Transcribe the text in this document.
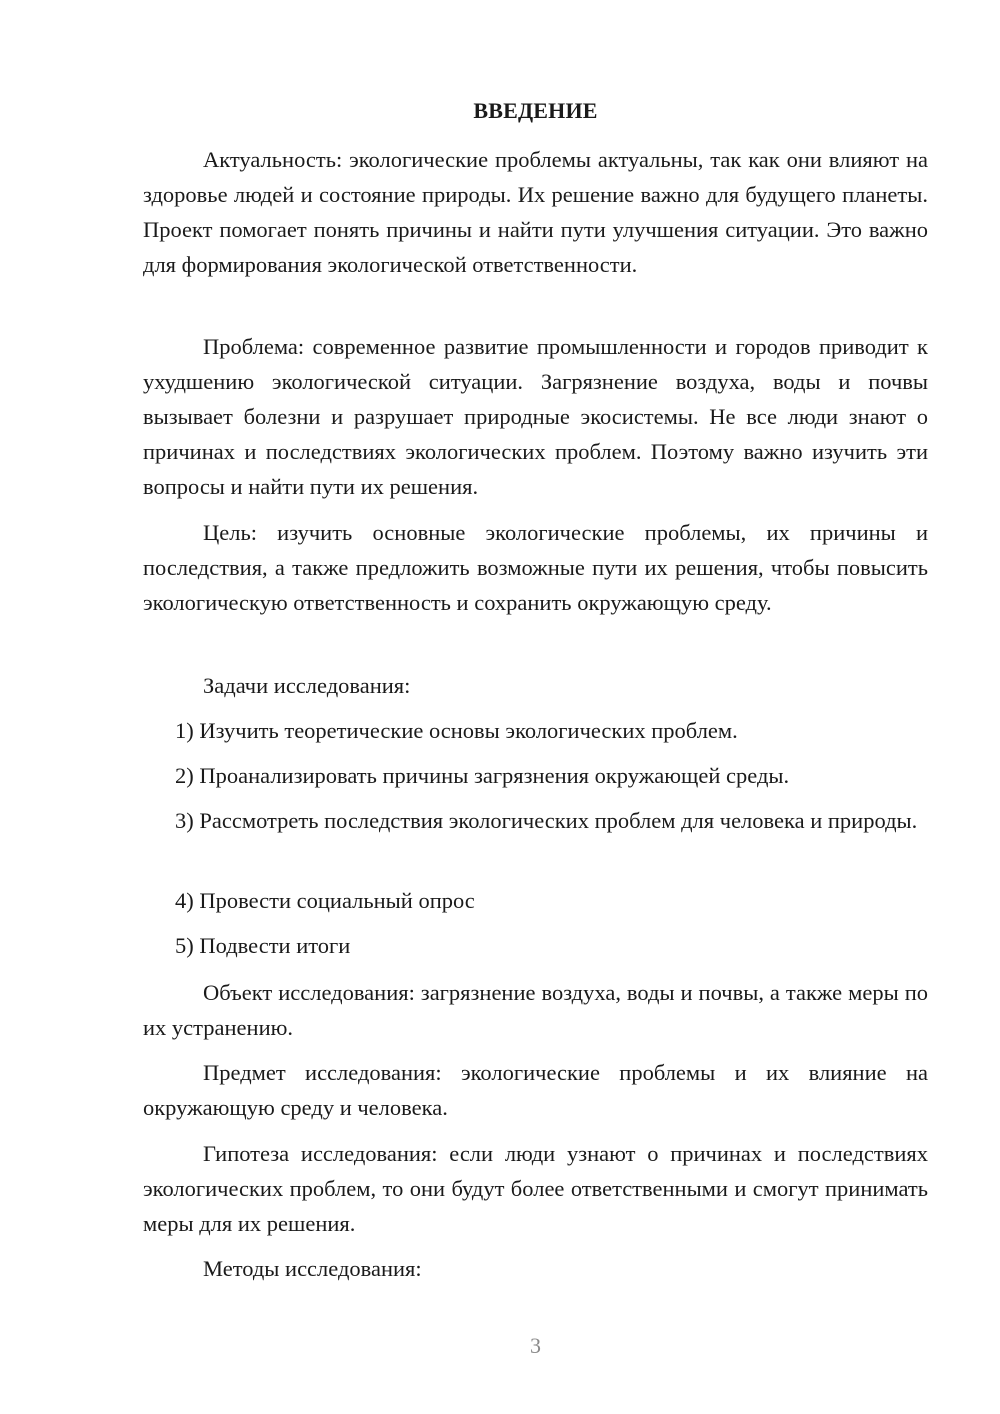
ВВЕДЕНИЕ

Актуальность: экологические проблемы актуальны, так как они влияют на здоровье людей и состояние природы. Их решение важно для будущего планеты. Проект помогает понять причины и найти пути улучшения ситуации. Это важно для формирования экологической ответственности.

Проблема: современное развитие промышленности и городов приводит к ухудшению экологической ситуации. Загрязнение воздуха, воды и почвы вызывает болезни и разрушает природные экосистемы. Не все люди знают о причинах и последствиях экологических проблем. Поэтому важно изучить эти вопросы и найти пути их решения.

Цель: изучить основные экологические проблемы, их причины и последствия, а также предложить возможные пути их решения, чтобы повысить экологическую ответственность и сохранить окружающую среду.

Задачи исследования:

1) Изучить теоретические основы экологических проблем.

2) Проанализировать причины загрязнения окружающей среды.

3) Рассмотреть последствия экологических проблем для человека и природы.

4) Провести социальный опрос

5) Подвести итоги

Объект исследования: загрязнение воздуха, воды и почвы, а также меры по их устранению.

Предмет исследования: экологические проблемы и их влияние на окружающую среду и человека.

Гипотеза исследования: если люди узнают о причинах и последствиях экологических проблем, то они будут более ответственными и смогут принимать меры для их решения.

Методы исследования:

3
